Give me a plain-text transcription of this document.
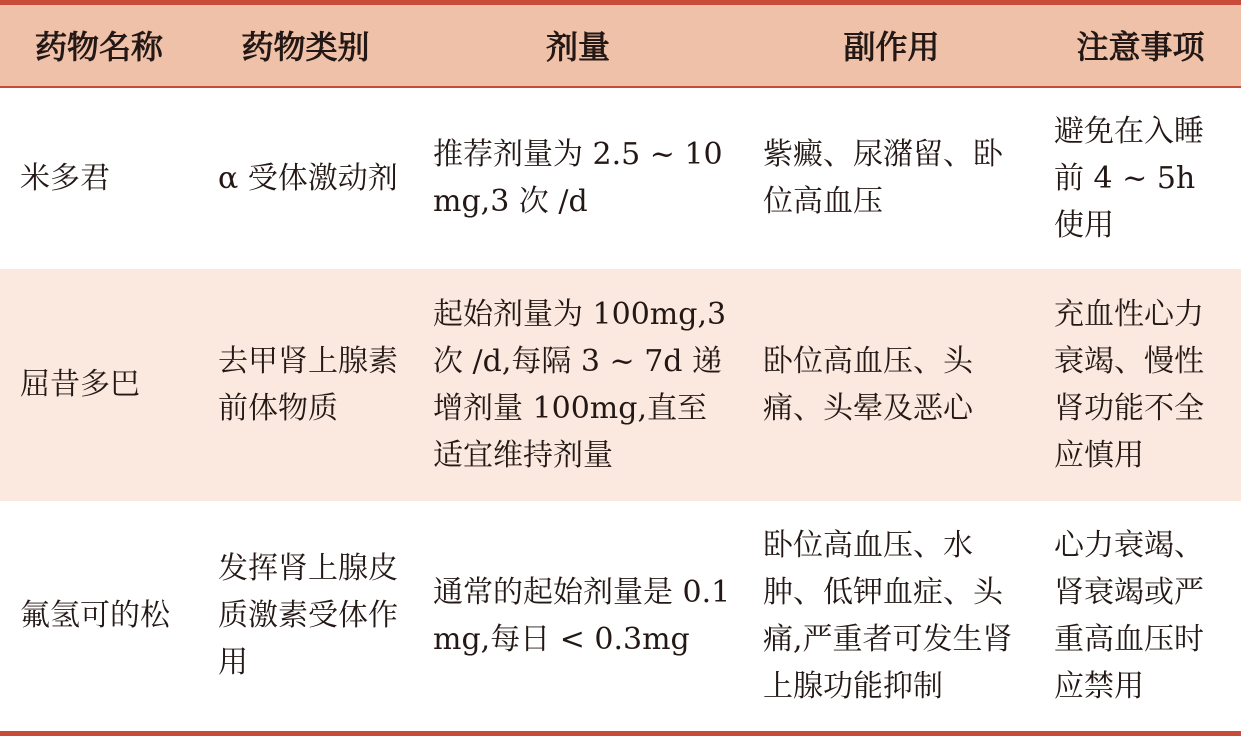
药物名称	药物类别	剂量	副作用	注意事项
米多君	α 受体激动剂	推荐剂量为 2.5 ~ 10mg,3 次 /d	紫癜、尿潴留、卧位高血压	避免在入睡前 4 ~ 5h 使用
屈昔多巴	去甲肾上腺素前体物质	起始剂量为 100mg,3 次 /d,每隔 3 ~ 7d 递增剂量 100mg,直至适宜维持剂量	卧位高血压、头痛、头晕及恶心	充血性心力衰竭、慢性肾功能不全应慎用
氟氢可的松	发挥肾上腺皮质激素受体作用	通常的起始剂量是 0.1mg,每日 < 0.3mg	卧位高血压、水肿、低钾血症、头痛,严重者可发生肾上腺功能抑制	心力衰竭、肾衰竭或严重高血压时应禁用
